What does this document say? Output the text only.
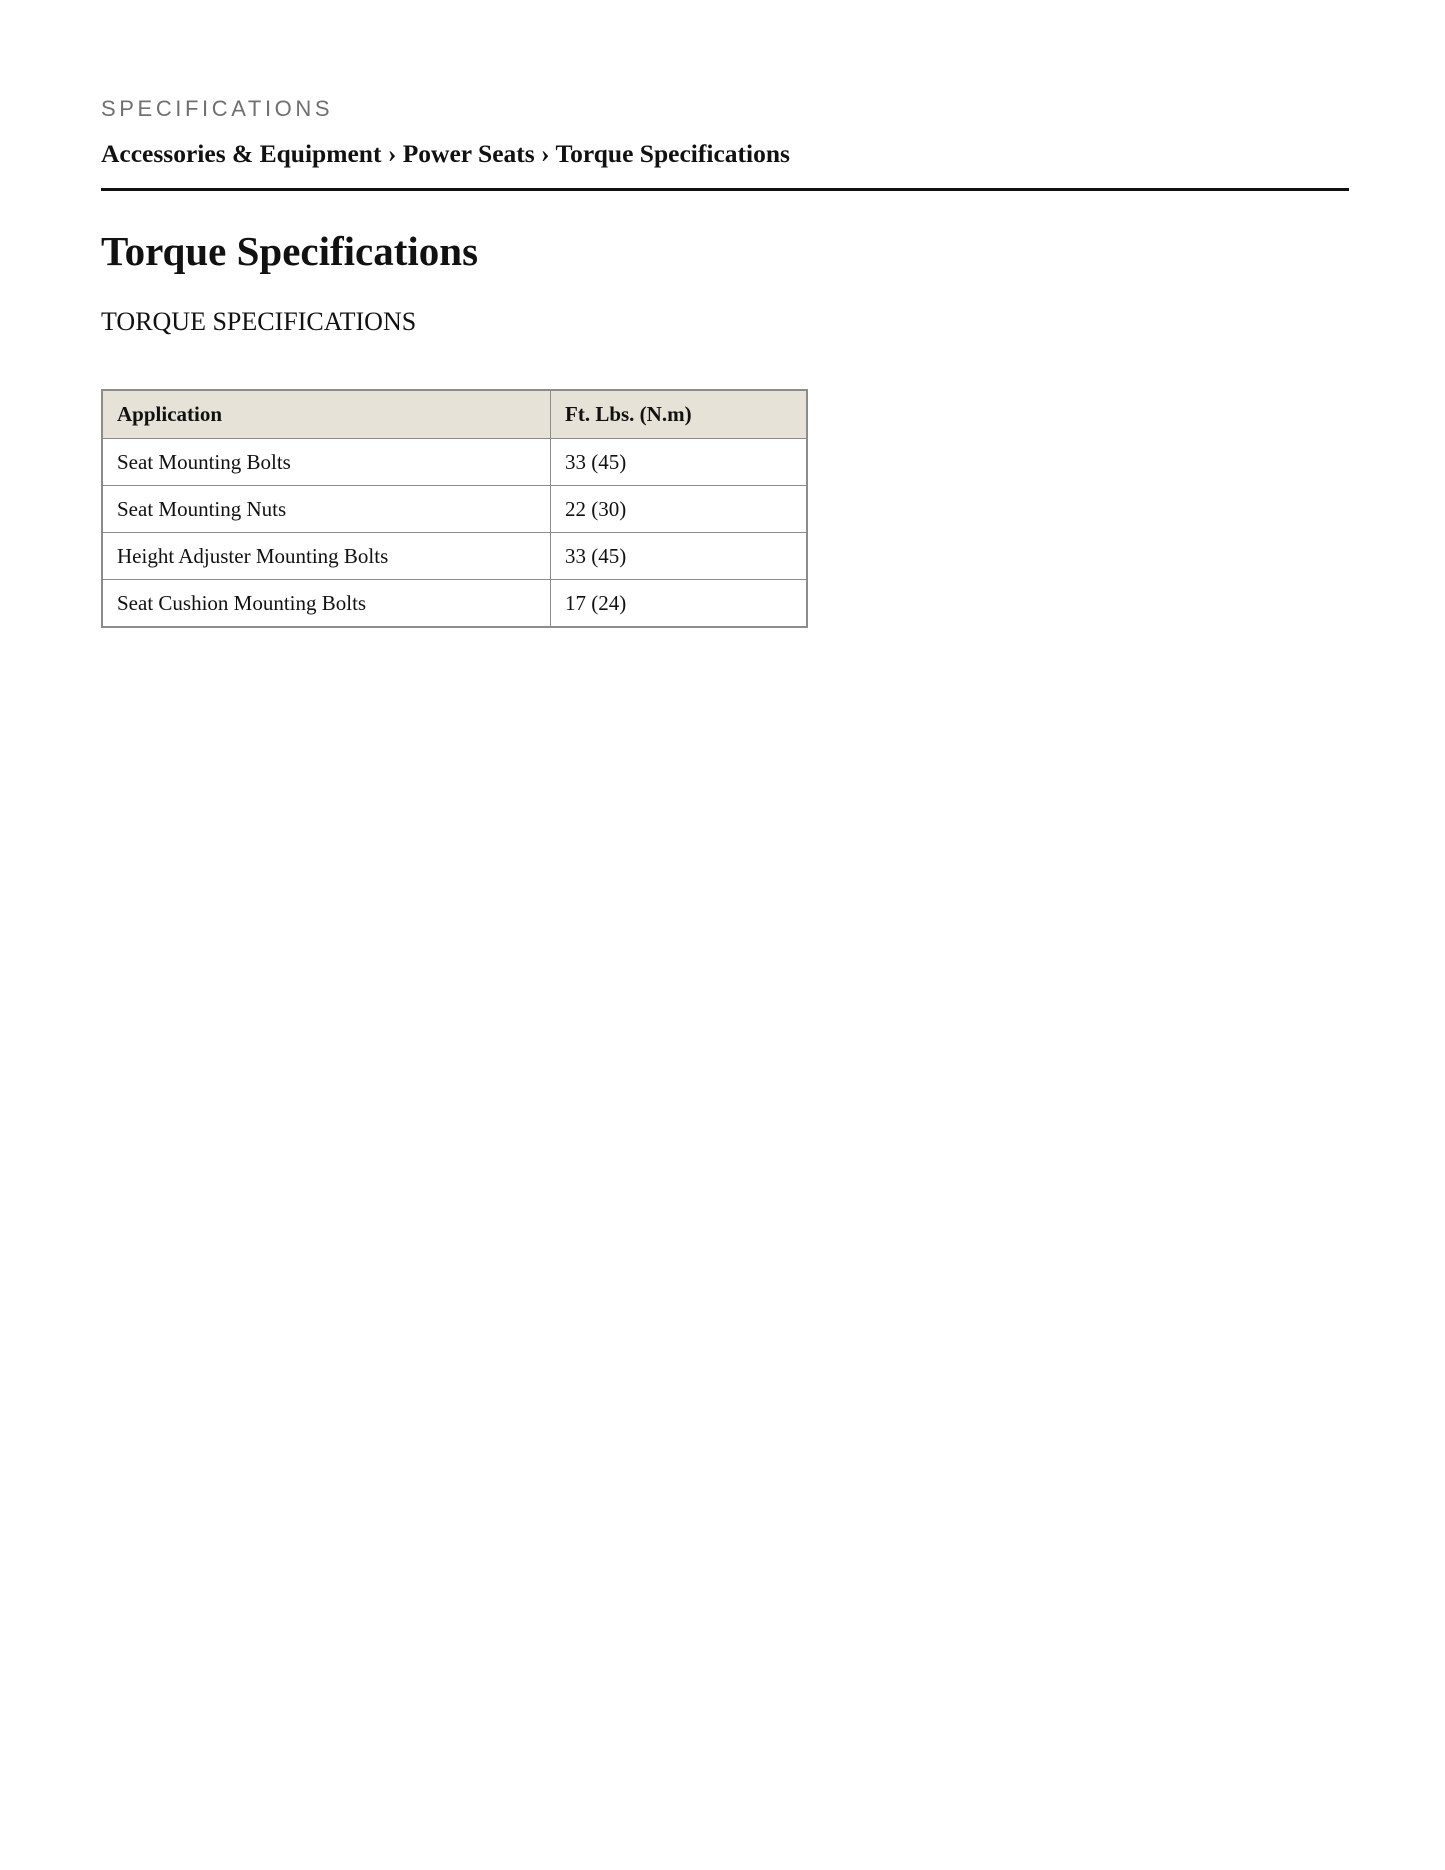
SPECIFICATIONS
Accessories & Equipment › Power Seats › Torque Specifications
Torque Specifications
TORQUE SPECIFICATIONS
Application	Ft. Lbs. (N.m)
Seat Mounting Bolts	33 (45)
Seat Mounting Nuts	22 (30)
Height Adjuster Mounting Bolts	33 (45)
Seat Cushion Mounting Bolts	17 (24)
